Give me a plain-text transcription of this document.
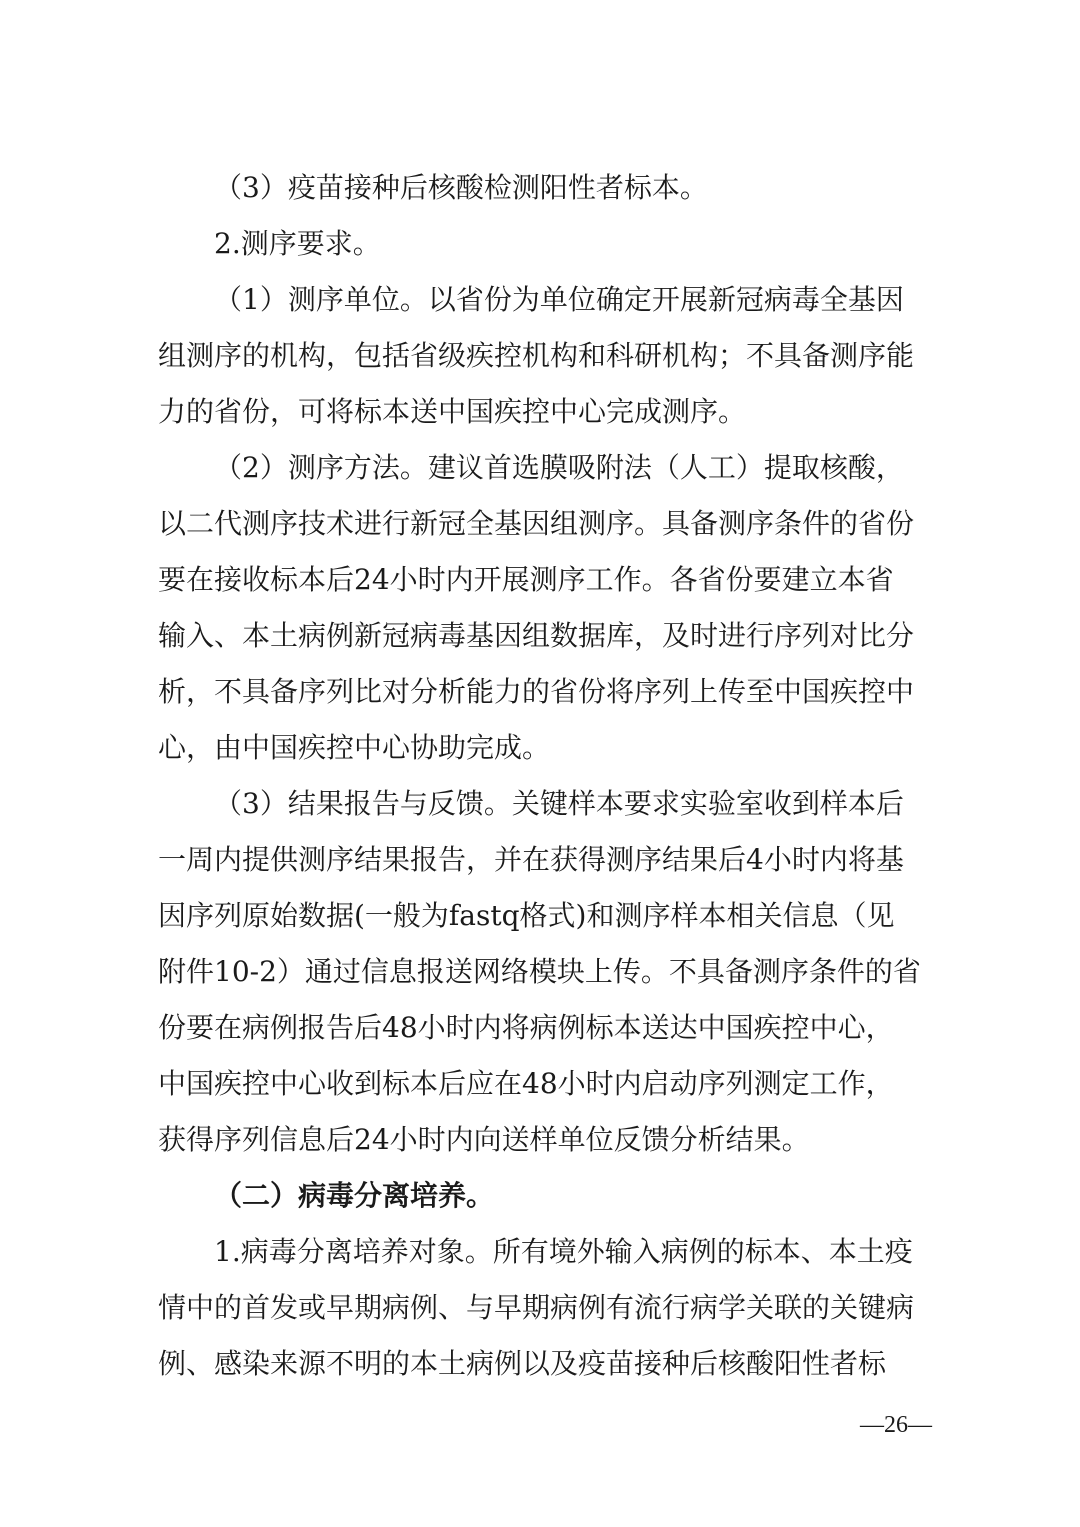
（3）疫苗接种后核酸检测阳性者标本。

2.测序要求。

（1）测序单位。以省份为单位确定开展新冠病毒全基因

组测序的机构，包括省级疾控机构和科研机构；不具备测序能

力的省份，可将标本送中国疾控中心完成测序。

（2）测序方法。建议首选膜吸附法（人工）提取核酸，

以二代测序技术进行新冠全基因组测序。具备测序条件的省份

要在接收标本后24小时内开展测序工作。各省份要建立本省

输入、本土病例新冠病毒基因组数据库，及时进行序列对比分

析，不具备序列比对分析能力的省份将序列上传至中国疾控中

心，由中国疾控中心协助完成。

（3）结果报告与反馈。关键样本要求实验室收到样本后

一周内提供测序结果报告，并在获得测序结果后4小时内将基

因序列原始数据(一般为fastq格式)和测序样本相关信息（见

附件10-2）通过信息报送网络模块上传。不具备测序条件的省

份要在病例报告后48小时内将病例标本送达中国疾控中心，

中国疾控中心收到标本后应在48小时内启动序列测定工作，

获得序列信息后24小时内向送样单位反馈分析结果。

（二）病毒分离培养。

1.病毒分离培养对象。所有境外输入病例的标本、本土疫

情中的首发或早期病例、与早期病例有流行病学关联的关键病

例、感染来源不明的本土病例以及疫苗接种后核酸阳性者标

—26—
